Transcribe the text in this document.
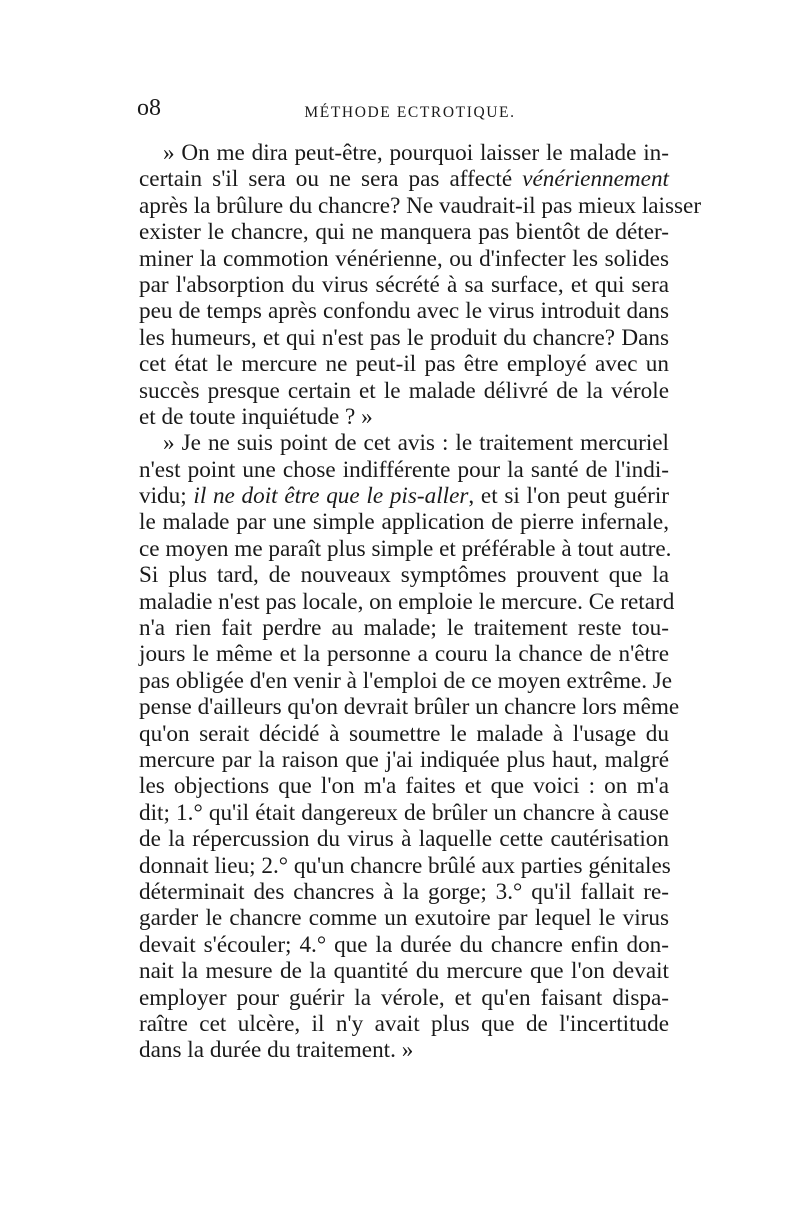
o8	MÉTHODE ECTROTIQUE.
» On me dira peut-être, pourquoi laisser le malade in-
certain s'il sera ou ne sera pas affecté vénériennement
après la brûlure du chancre? Ne vaudrait-il pas mieux laisser
exister le chancre, qui ne manquera pas bientôt de déter-
miner la commotion vénérienne, ou d'infecter les solides
par l'absorption du virus sécrété à sa surface, et qui sera
peu de temps après confondu avec le virus introduit dans
les humeurs, et qui n'est pas le produit du chancre? Dans
cet état le mercure ne peut-il pas être employé avec un
succès presque certain et le malade délivré de la vérole
et de toute inquiétude ? »
» Je ne suis point de cet avis : le traitement mercuriel
n'est point une chose indifférente pour la santé de l'indi-
vidu; il ne doit être que le pis-aller, et si l'on peut guérir
le malade par une simple application de pierre infernale,
ce moyen me paraît plus simple et préférable à tout autre.
Si plus tard, de nouveaux symptômes prouvent que la
maladie n'est pas locale, on emploie le mercure. Ce retard
n'a rien fait perdre au malade; le traitement reste tou-
jours le même et la personne a couru la chance de n'être
pas obligée d'en venir à l'emploi de ce moyen extrême. Je
pense d'ailleurs qu'on devrait brûler un chancre lors même
qu'on serait décidé à soumettre le malade à l'usage du
mercure par la raison que j'ai indiquée plus haut, malgré
les objections que l'on m'a faites et que voici : on m'a
dit; 1.° qu'il était dangereux de brûler un chancre à cause
de la répercussion du virus à laquelle cette cautérisation
donnait lieu; 2.° qu'un chancre brûlé aux parties génitales
déterminait des chancres à la gorge; 3.° qu'il fallait re-
garder le chancre comme un exutoire par lequel le virus
devait s'écouler; 4.° que la durée du chancre enfin don-
nait la mesure de la quantité du mercure que l'on devait
employer pour guérir la vérole, et qu'en faisant dispa-
raître cet ulcère, il n'y avait plus que de l'incertitude
dans la durée du traitement. »
